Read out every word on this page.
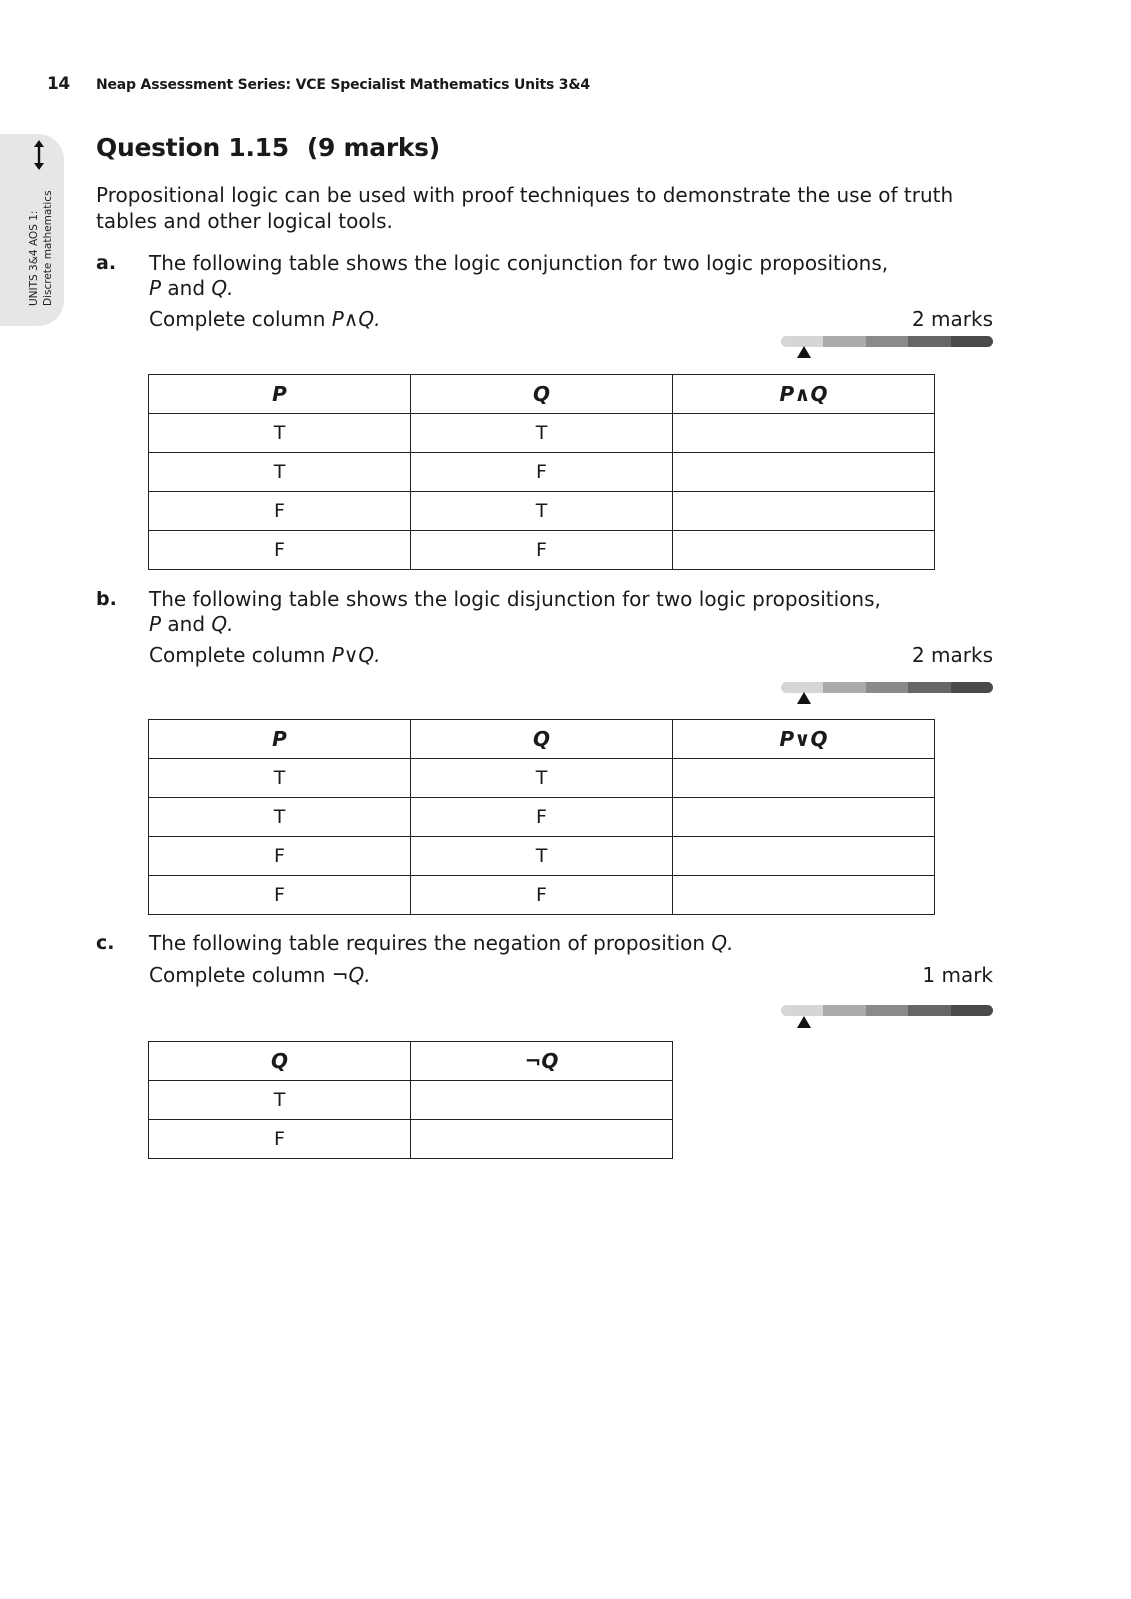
14 Neap Assessment Series: VCE Specialist Mathematics Units 3&4
UNITS 3&4 AOS 1: Discrete mathematics
Question 1.15 (9 marks)
Propositional logic can be used with proof techniques to demonstrate the use of truth tables and other logical tools.
a. The following table shows the logic conjunction for two logic propositions,
P and Q.
Complete column P∧Q.	2 marks
P	Q	P∧Q
T	T	
T	F	
F	T	
F	F	
b. The following table shows the logic disjunction for two logic propositions,
P and Q.
Complete column P∨Q.	2 marks
P	Q	P∨Q
T	T	
T	F	
F	T	
F	F	
c. The following table requires the negation of proposition Q.
Complete column ¬Q.	1 mark
Q	¬Q
T	
F	
